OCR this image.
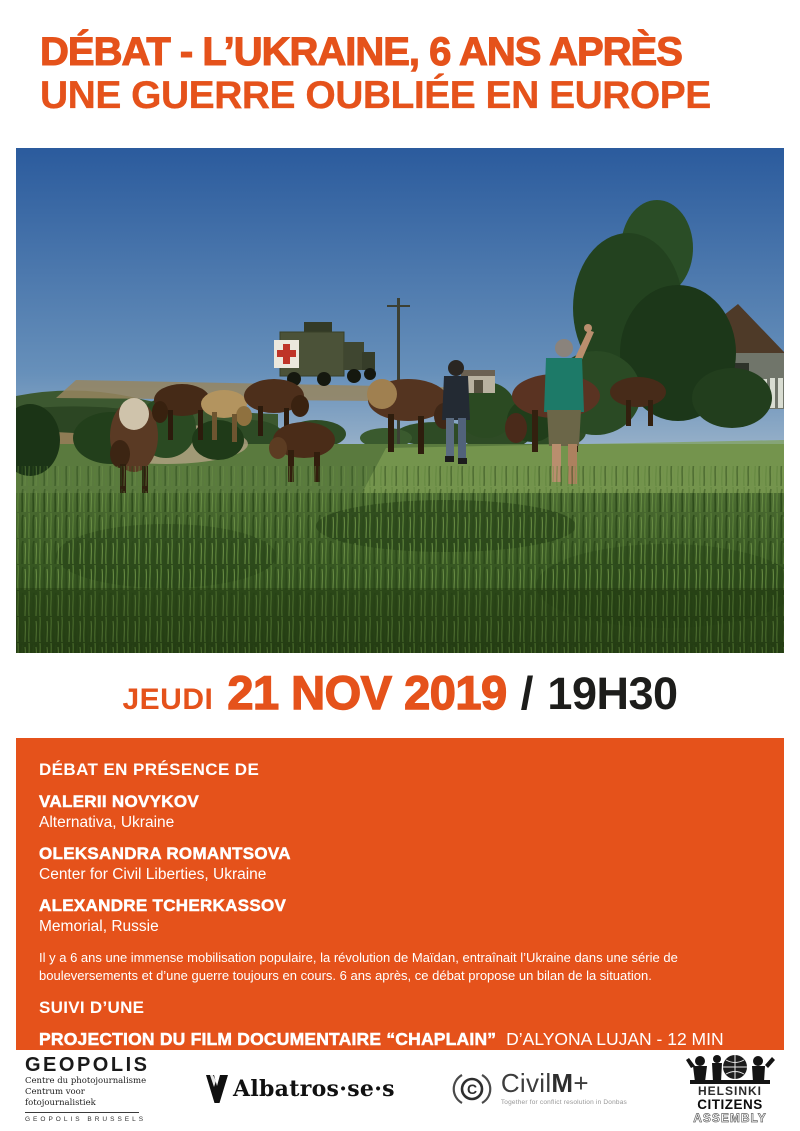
DÉBAT - L’UKRAINE, 6 ANS APRÈS
UNE GUERRE OUBLIÉE EN EUROPE
JEUDI 21 NOV 2019 / 19H30
DÉBAT EN PRÉSENCE DE
VALERII NOVYKOV
Alternativa, Ukraine
OLEKSANDRA ROMANTSOVA
Center for Civil Liberties, Ukraine
ALEXANDRE TCHERKASSOV
Memorial, Russie
Il y a 6 ans une immense mobilisation populaire, la révolution de Maïdan, entraînait l’Ukraine dans une série de bouleversements et d’une guerre toujours en cours. 6 ans après, ce débat propose un bilan de la situation.
SUIVI D’UNE
PROJECTION DU FILM DOCUMENTAIRE “CHAPLAIN” D’ALYONA LUJAN - 12 MIN
GEOPOLIS
Centre du photojournalisme
Centrum voor fotojournalistiek
GEOPOLIS BRUSSELS
Albatros·se·s	C CivilM+
Together for conflict resolution in Donbas
HELSINKI
CITIZENS
ASSEMBLY
